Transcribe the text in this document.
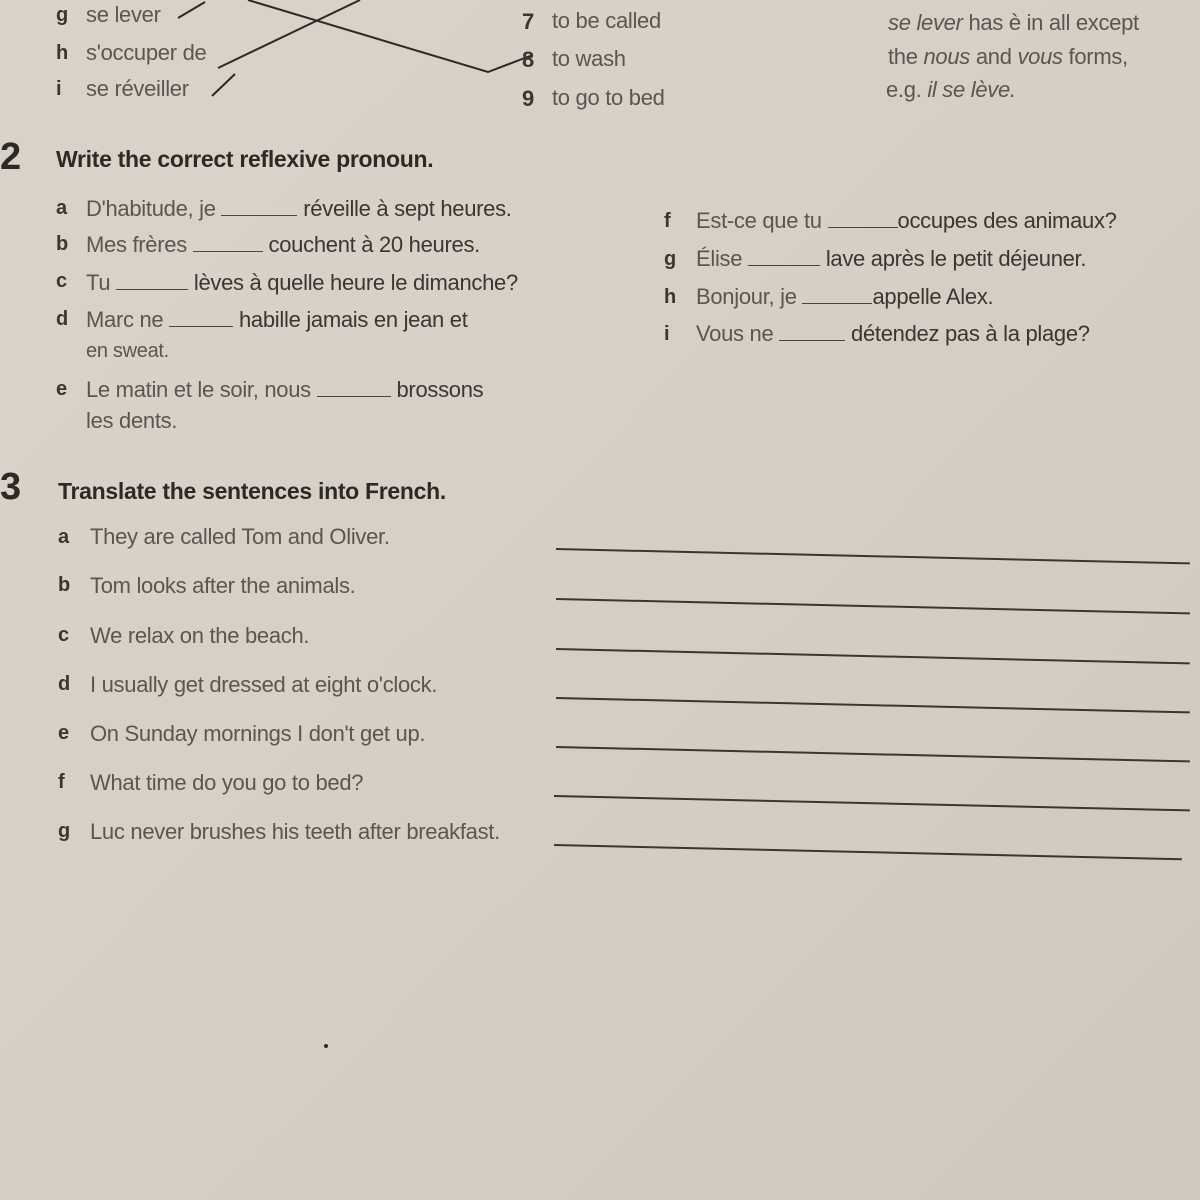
g se lever
h s'occuper de
i se réveiller
7 to be called
8 to wash
9 to go to bed
se lever has è in all except
the nous and vous forms,
e.g. il se lève.
2 Write the correct reflexive pronoun.
a D'habitude, je	réveille à sept heures.
b Mes frères	couchent à 20 heures.
c Tu	lèves à quelle heure le dimanche?
d Marc ne	habille jamais en jean et
en sweat.
e Le matin et le soir, nous	brossons
les dents.
f Est-ce que tu	occupes des animaux?
g Élise	lave après le petit déjeuner.
h Bonjour, je	appelle Alex.
i Vous ne	détendez pas à la plage?
3 Translate the sentences into French.
a They are called Tom and Oliver.
b Tom looks after the animals.
c We relax on the beach.
d I usually get dressed at eight o'clock.
e On Sunday mornings I don't get up.
f What time do you go to bed?
g Luc never brushes his teeth after breakfast.
